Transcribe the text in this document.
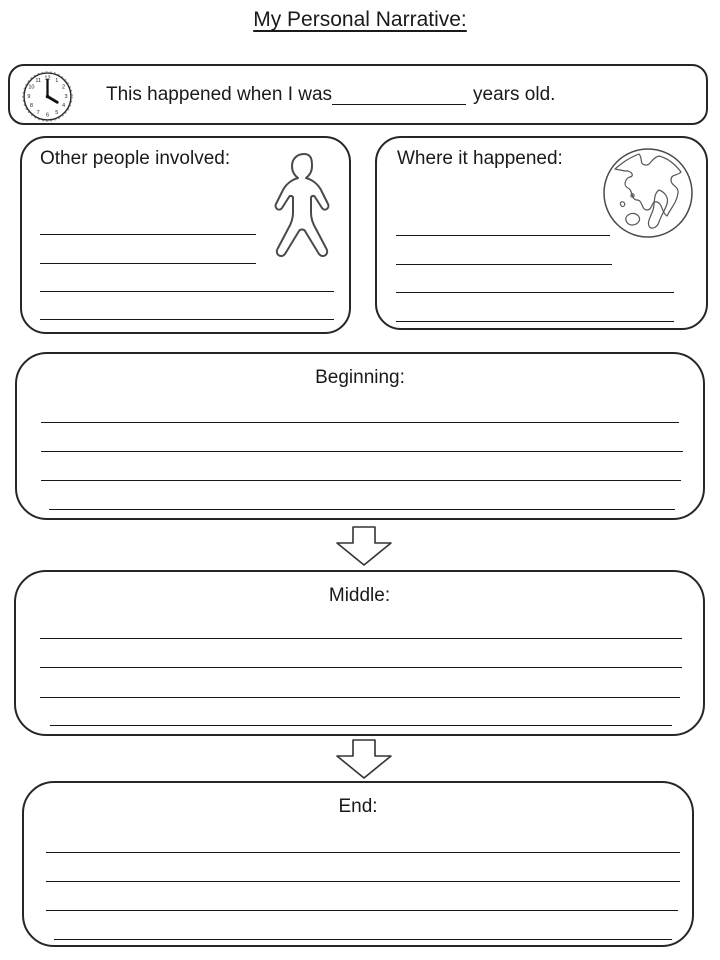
My Personal Narrative:
1
2
3
4
5
6
7
8
9
10
11 12
This happened when I was	years old.
Other people involved:	Where it happened:
Beginning:
Middle:
End:
